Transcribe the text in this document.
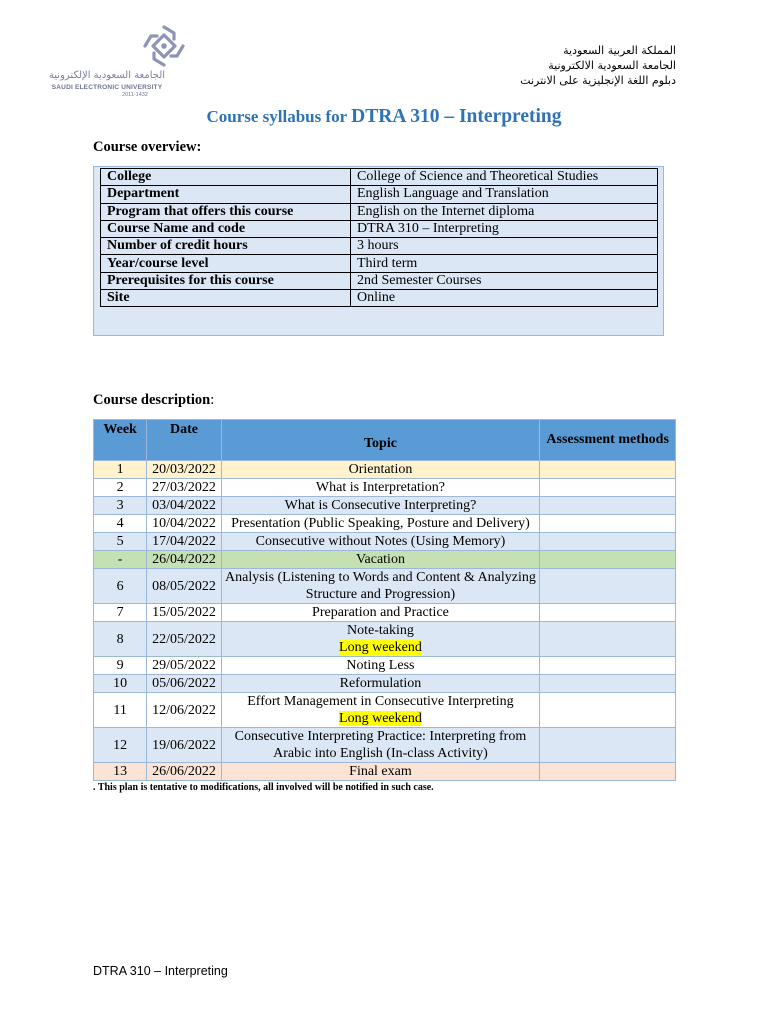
الجامعة السعودية الإلكترونية
SAUDI ELECTRONIC UNIVERSITY
2011-1432
المملكة العربية السعودية
الجامعة السعودية الالكترونية
دبلوم اللغة الإنجليزية على الانترنت
Course syllabus for DTRA 310 – Interpreting
Course overview:
College	College of Science and Theoretical Studies
Department	English Language and Translation
Program that offers this course	English on the Internet diploma
Course Name and code	DTRA 310 – Interpreting
Number of credit hours	3 hours
Year/course level	Third term
Prerequisites for this course	2nd Semester Courses
Site	Online
Course description:
Week	Date	Topic	Assessment methods
1	20/03/2022	Orientation	

2	27/03/2022	What is Interpretation?	

3	03/04/2022	What is Consecutive Interpreting?	

4	10/04/2022	Presentation (Public Speaking, Posture and Delivery)	

5	17/04/2022	Consecutive without Notes (Using Memory)	

-	26/04/2022	Vacation	

6	08/05/2022	Analysis (Listening to Words and Content & Analyzing Structure and Progression)	

7	15/05/2022	Preparation and Practice	

8	22/05/2022	Note-taking
Long weekend	

9	29/05/2022	Noting Less	

10	05/06/2022	Reformulation	

11	12/06/2022	Effort Management in Consecutive Interpreting
Long weekend	

12	19/06/2022	Consecutive Interpreting Practice: Interpreting from Arabic into English (In-class Activity)	

13	26/06/2022	Final exam	

. This plan is tentative to modifications, all involved will be notified in such case.
DTRA 310 – Interpreting
